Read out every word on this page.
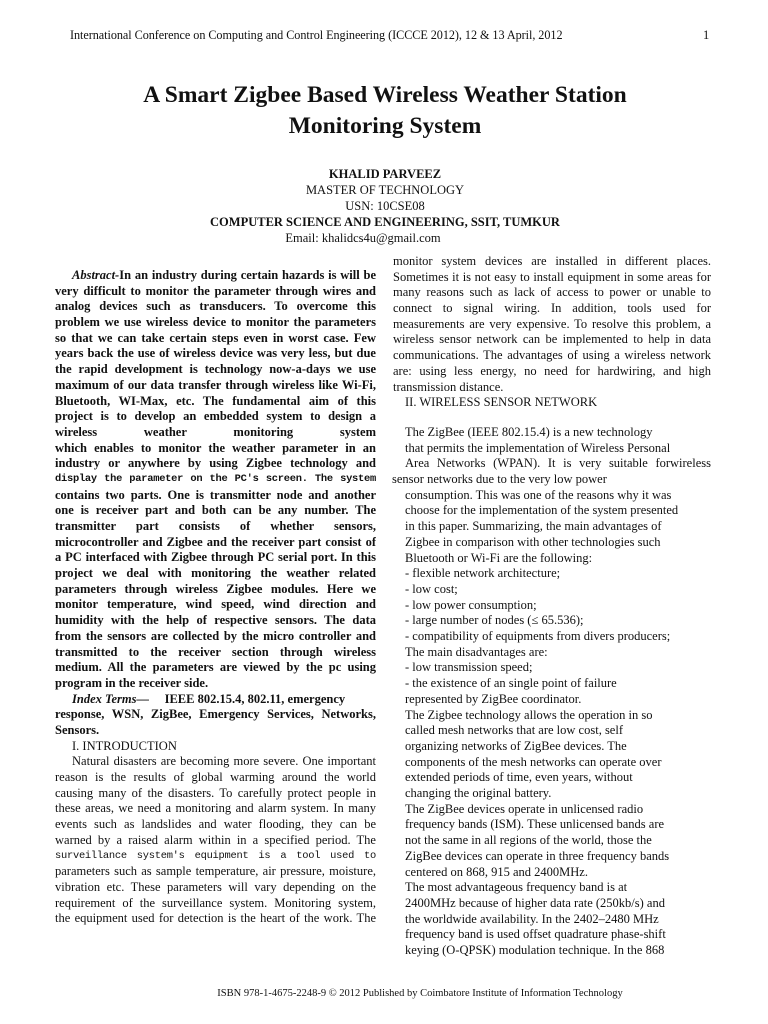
International Conference on Computing and Control Engineering (ICCCE 2012), 12 & 13 April, 2012	1
A Smart Zigbee Based Wireless Weather Station
Monitoring System
KHALID PARVEEZ
MASTER OF TECHNOLOGY
USN: 10CSE08
COMPUTER SCIENCE AND ENGINEERING, SSIT, TUMKUR
Email: khalidcs4u@gmail.com
Abstract-In an industry during certain hazards is will be
very difficult to monitor the parameter through wires and
analog devices such as transducers. To overcome this
problem we use wireless device to monitor the parameters
so that we can take certain steps even in worst case. Few
years back the use of wireless device was very less, but due
the rapid development is technology now-a-days we use
maximum of our data transfer through wireless like Wi-Fi,
Bluetooth, WI-Max, etc. The fundamental aim of this
project is to develop an embedded system to design a
wireless weather monitoring system
which enables to monitor the weather parameter in an
industry or anywhere by using Zigbee technology and
display the parameter on the PC's screen. The system
contains two parts. One is transmitter node and another
one is receiver part and both can be any number. The
transmitter part consists of whether sensors,
microcontroller and Zigbee and the receiver part consist of
a PC interfaced with Zigbee through PC serial port. In this
project we deal with monitoring the weather related
parameters through wireless Zigbee modules. Here we
monitor temperature, wind speed, wind direction and
humidity with the help of respective sensors. The data
from the sensors are collected by the micro controller and
transmitted to the receiver section through wireless
medium. All the parameters are viewed by the pc using
program in the receiver side.
Index Terms— IEEE 802.15.4, 802.11, emergency
response, WSN, ZigBee, Emergency Services, Networks,
Sensors.
I. INTRODUCTION
Natural disasters are becoming more severe. One important
reason is the results of global warming around the world
causing many of the disasters. To carefully protect people in
these areas, we need a monitoring and alarm system. In many
events such as landslides and water flooding, they can be
warned by a raised alarm within in a specified period. The
surveillance system's equipment is a tool used to
parameters such as sample temperature, air pressure, moisture,
vibration etc. These parameters will vary depending on the
requirement of the surveillance system. Monitoring system,
the equipment used for detection is the heart of the work. The
monitor system devices are installed in different places.
Sometimes it is not easy to install equipment in some areas for
many reasons such as lack of access to power or unable to
connect to signal wiring. In addition, tools used for
measurements are very expensive. To resolve this problem, a
wireless sensor network can be implemented to help in data
communications. The advantages of using a wireless network
are: using less energy, no need for hardwiring, and high
transmission distance.
II. WIRELESS SENSOR NETWORK
The ZigBee (IEEE 802.15.4) is a new technology
that permits the implementation of Wireless Personal
Area Networks (WPAN). It is very suitable forwireless
sensor networks due to the very low power
consumption. This was one of the reasons why it was
choose for the implementation of the system presented
in this paper. Summarizing, the main advantages of
Zigbee in comparison with other technologies such
Bluetooth or Wi-Fi are the following:
- flexible network architecture;
- low cost;
- low power consumption;
- large number of nodes (≤ 65.536);
- compatibility of equipments from divers producers;
The main disadvantages are:
- low transmission speed;
- the existence of an single point of failure
represented by ZigBee coordinator.
The Zigbee technology allows the operation in so
called mesh networks that are low cost, self
organizing networks of ZigBee devices. The
components of the mesh networks can operate over
extended periods of time, even years, without
changing the original battery.
The ZigBee devices operate in unlicensed radio
frequency bands (ISM). These unlicensed bands are
not the same in all regions of the world, those the
ZigBee devices can operate in three frequency bands
centered on 868, 915 and 2400MHz.
The most advantageous frequency band is at
2400MHz because of higher data rate (250kb/s) and
the worldwide availability. In the 2402–2480 MHz
frequency band is used offset quadrature phase-shift
keying (O-QPSK) modulation technique. In the 868
ISBN 978-1-4675-2248-9 © 2012 Published by Coimbatore Institute of Information Technology
